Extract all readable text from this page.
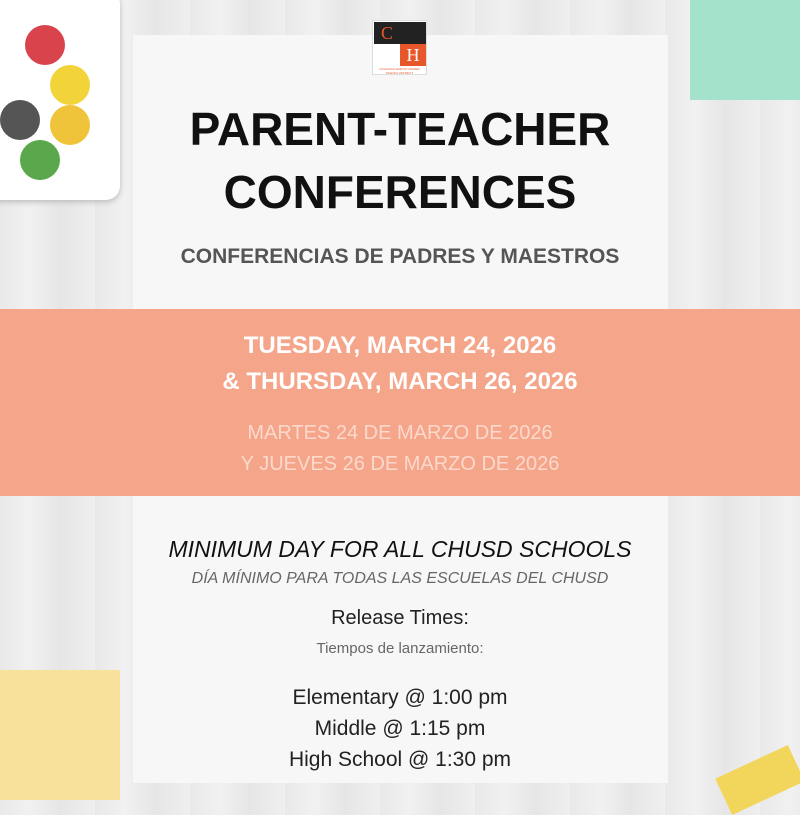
C
H
COALINGA-HURON UNIFIED SCHOOL DISTRICT
PARENT-TEACHER
CONFERENCES
CONFERENCIAS DE PADRES Y MAESTROS
TUESDAY, MARCH 24, 2026
& THURSDAY, MARCH 26, 2026
MARTES 24 DE MARZO DE 2026
Y JUEVES 26 DE MARZO DE 2026
MINIMUM DAY FOR ALL CHUSD SCHOOLS
DÍA MÍNIMO PARA TODAS LAS ESCUELAS DEL CHUSD
Release Times:
Tiempos de lanzamiento:
Elementary @ 1:00 pm
Middle @ 1:15 pm
High School @ 1:30 pm
